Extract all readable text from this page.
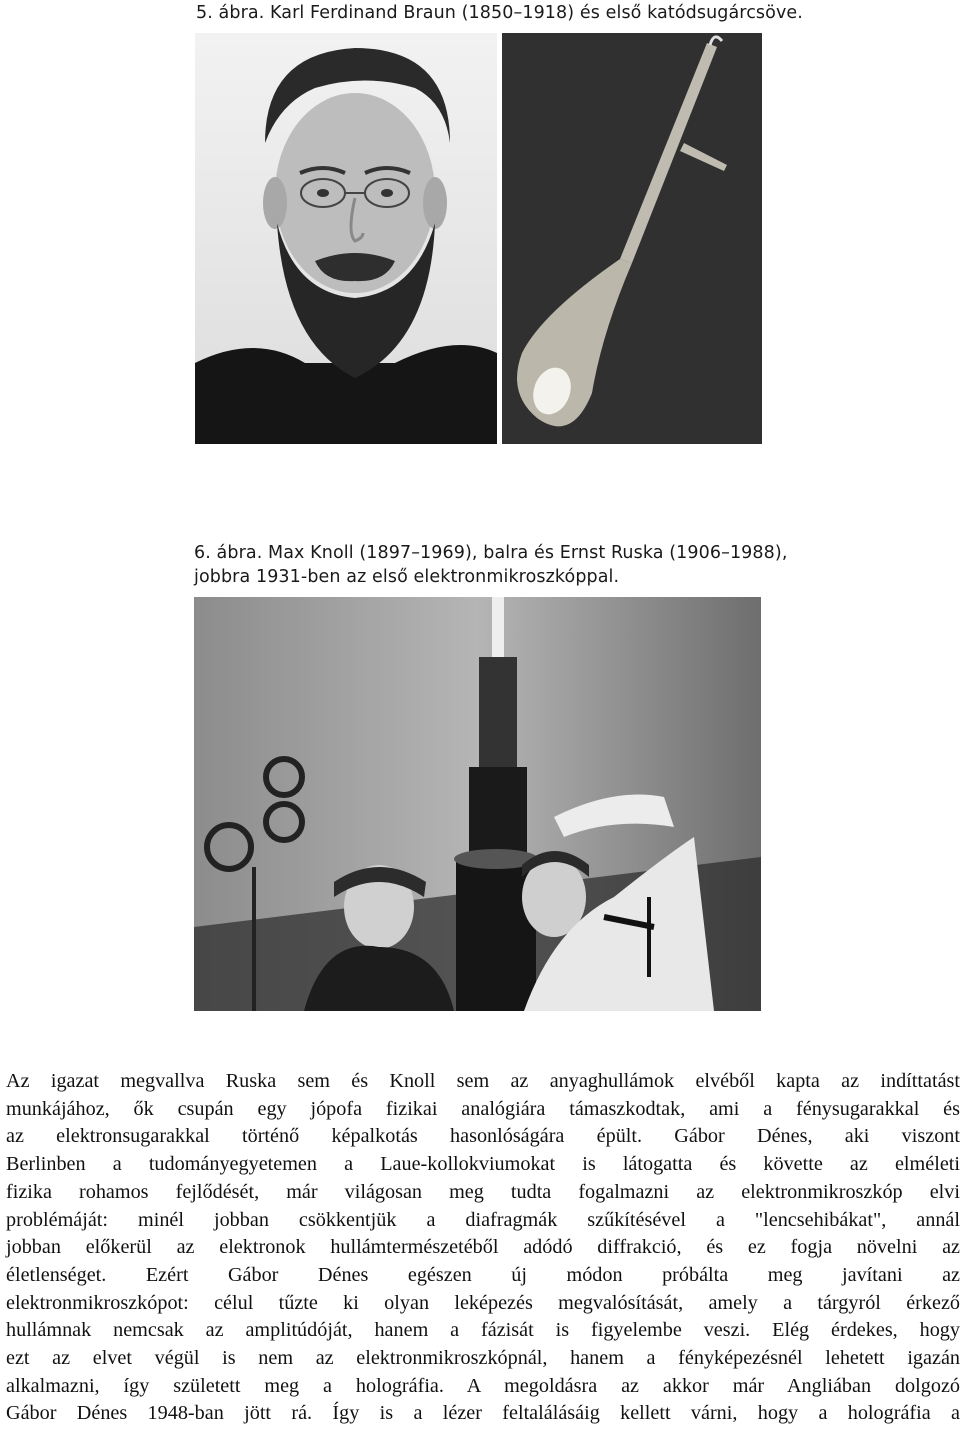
5. ábra. Karl Ferdinand Braun (1850–1918) és első katódsugárcsöve.
6. ábra. Max Knoll (1897–1969), balra és Ernst Ruska (1906–1988),
jobbra 1931-ben az első elektronmikroszkóppal.

Az igazat megvallva Ruska sem és Knoll sem az anyaghullámok elvéből kapta az indíttatást

munkájához, ők csupán egy jópofa fizikai analógiára támaszkodtak, ami a fénysugarakkal és

az elektronsugarakkal történő képalkotás hasonlóságára épült. Gábor Dénes, aki viszont

Berlinben a tudományegyetemen a Laue-kollokviumokat is látogatta és követte az elméleti

fizika rohamos fejlődését, már világosan meg tudta fogalmazni az elektronmikroszkóp elvi

problémáját: minél jobban csökkentjük a diafragmák szűkítésével a "lencsehibákat", annál

jobban előkerül az elektronok hullámtermészetéből adódó diffrakció, és ez fogja növelni az

életlenséget. Ezért Gábor Dénes egészen új módon próbálta meg javítani az

elektronmikroszkópot: célul tűzte ki olyan leképezés megvalósítását, amely a tárgyról érkező

hullámnak nemcsak az amplitúdóját, hanem a fázisát is figyelembe veszi. Elég érdekes, hogy

ezt az elvet végül is nem az elektronmikroszkópnál, hanem a fényképezésnél lehetett igazán

alkalmazni, így született meg a holográfia. A megoldásra az akkor már Angliában dolgozó

Gábor Dénes 1948-ban jött rá. Így is a lézer feltalálásáig kellett várni, hogy a holográfia a
